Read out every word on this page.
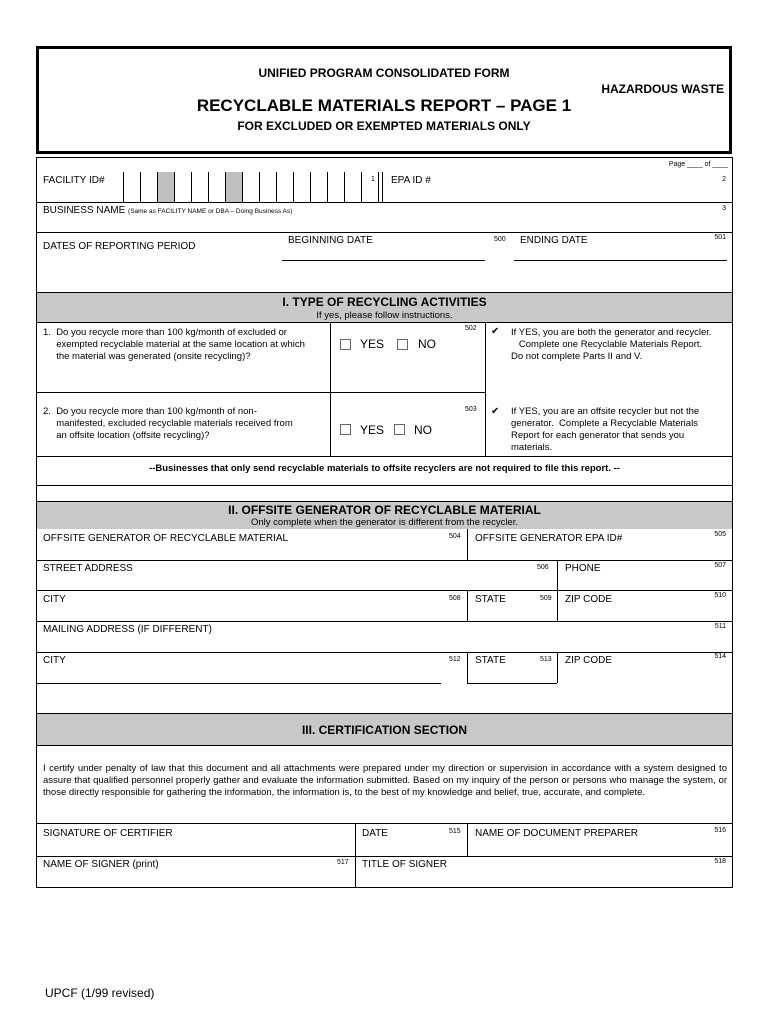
UNIFIED PROGRAM CONSOLIDATED FORM
HAZARDOUS WASTE
RECYCLABLE MATERIALS REPORT – PAGE 1
FOR EXCLUDED OR EXEMPTED MATERIALS ONLY
Page ____ of ____
FACILITY ID#	1 EPA ID #	2
BUSINESS NAME (Same as FACILITY NAME or DBA – Doing Business As)	3
DATES OF REPORTING PERIOD
BEGINNING DATE	500 ENDING DATE	501
I. TYPE OF RECYCLING ACTIVITIES
If yes, please follow instructions.
1.  Do you recycle more than 100 kg/month of excluded or
exempted recyclable material at the same location at which
the material was generated (onsite recycling)?
502
YES	NO
✔ If YES, you are both the generator and recycler.
Complete one Recyclable Materials Report.
Do not complete Parts II and V.
2.  Do you recycle more than 100 kg/month of non-
manifested, excluded recyclable materials received from
an offsite location (offsite recycling)?
503
YES NO
✔ If YES, you are an offsite recycler but not the
generator.  Complete a Recyclable Materials
Report for each generator that sends you
materials.
--Businesses that only send recyclable materials to offsite recyclers are not required to file this report. --
II. OFFSITE GENERATOR OF RECYCLABLE MATERIAL
Only complete when the generator is different from the recycler.
OFFSITE GENERATOR OF RECYCLABLE MATERIAL	504 OFFSITE GENERATOR EPA ID#	505
STREET ADDRESS	506 PHONE	507
CITY	508 STATE	509 ZIP CODE	510
MAILING ADDRESS (IF DIFFERENT)	511
CITY	512 STATE	513 ZIP CODE	514
III. CERTIFICATION SECTION
I certify under penalty of law that this document and all attachments were prepared under my direction or supervision in accordance with a system designed to assure that qualified personnel properly gather and evaluate the information submitted. Based on my inquiry of the person or persons who manage the system, or those directly responsible for gathering the information, the information is, to the best of my knowledge and belief, true, accurate, and complete.
SIGNATURE OF CERTIFIER	DATE	515 NAME OF DOCUMENT PREPARER	516
NAME OF SIGNER (print)	517 TITLE OF SIGNER	518
UPCF (1/99 revised)
